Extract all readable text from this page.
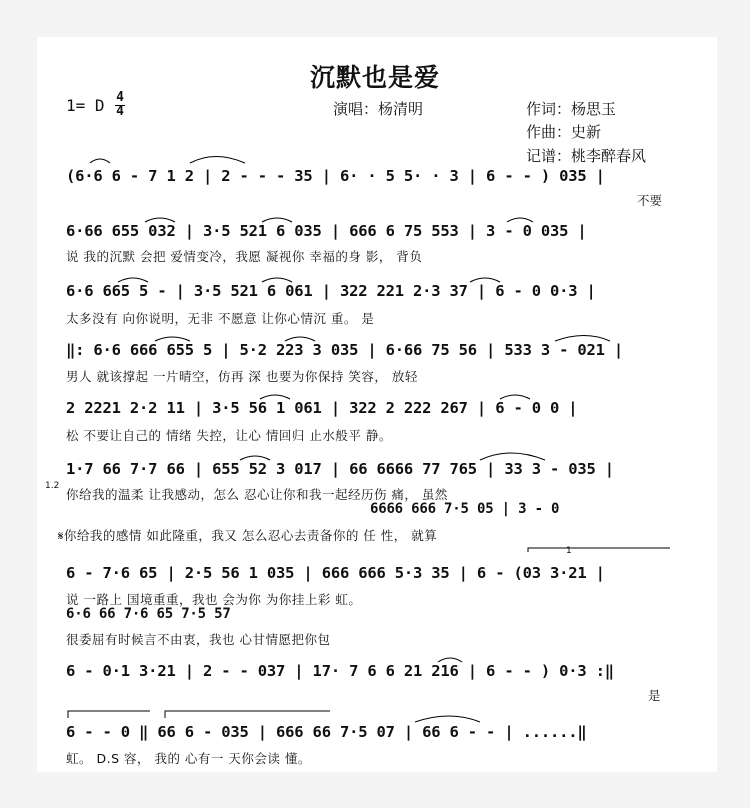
沉默也是爱
1= D 4
4	演唱：杨清明	作词：杨思玉
作曲：史新
记谱：桃李醉春风
(6·6 6 - 7 1 2 | 2 - - - 35 | 6· · 5 5· · 3 | 6 - - ) 035 |
不要
6·66 655 032 | 3·5 521 6 035 | 666 6 75 553 | 3 - 0 035 |
说 我的沉默 会把 爱情变冷，我愿 凝视你 幸福的身 影， 背负
6·6 665 5 - | 3·5 521 6 061 | 322 221 2·3 37 | 6 - 0 0·3 |
太多没有 向你说明，无非 不愿意 让你心情沉 重。 是
‖: 6·6 666 655 5 | 5·2 223 3 035 | 6·66 75 56 | 533 3 - 021 |
男人 就该撑起 一片晴空，仿再 深 也要为你保持 笑容， 放轻
2 2221 2·2 11 | 3·5 56 1 061 | 322 2 222 267 | 6 - 0 0 |
松 不要让自己的 情绪 失控，让心 情回归 止水般平 静。
1·7 66 7·7 66 | 655 52 3 017 | 66 6666 77 765 | 33 3 - 035 |
1.2
你给我的温柔 让我感动，怎么 忍心让你和我一起经历伤 痛， 虽然
6666 666 7·5 05 | 3 - 0
𝄋你给我的感情 如此隆重，我又 怎么忍心去责备你的 任 性， 就算
6 - 7·6 65 | 2·5 56 1 035 | 666 666 5·3 35 | 6 - (03 3·21 |
1
说 一路上 国境重重，我也 会为你 为你挂上彩 虹。
6·6 66 7·6 65 7·5 57
很委屈有时候言不由衷，我也 心甘情愿把你包
6 - 0·1 3·21 | 2 - - 037 | 17· 7 6 6 21 216 | 6 - - ) 0·3 :‖
是
6 - - 0 ‖ 66 6 - 035 | 666 66 7·5 07 | 66 6 - - | ......‖
虹。 D.S 容， 我的 心有一 天你会读 懂。
